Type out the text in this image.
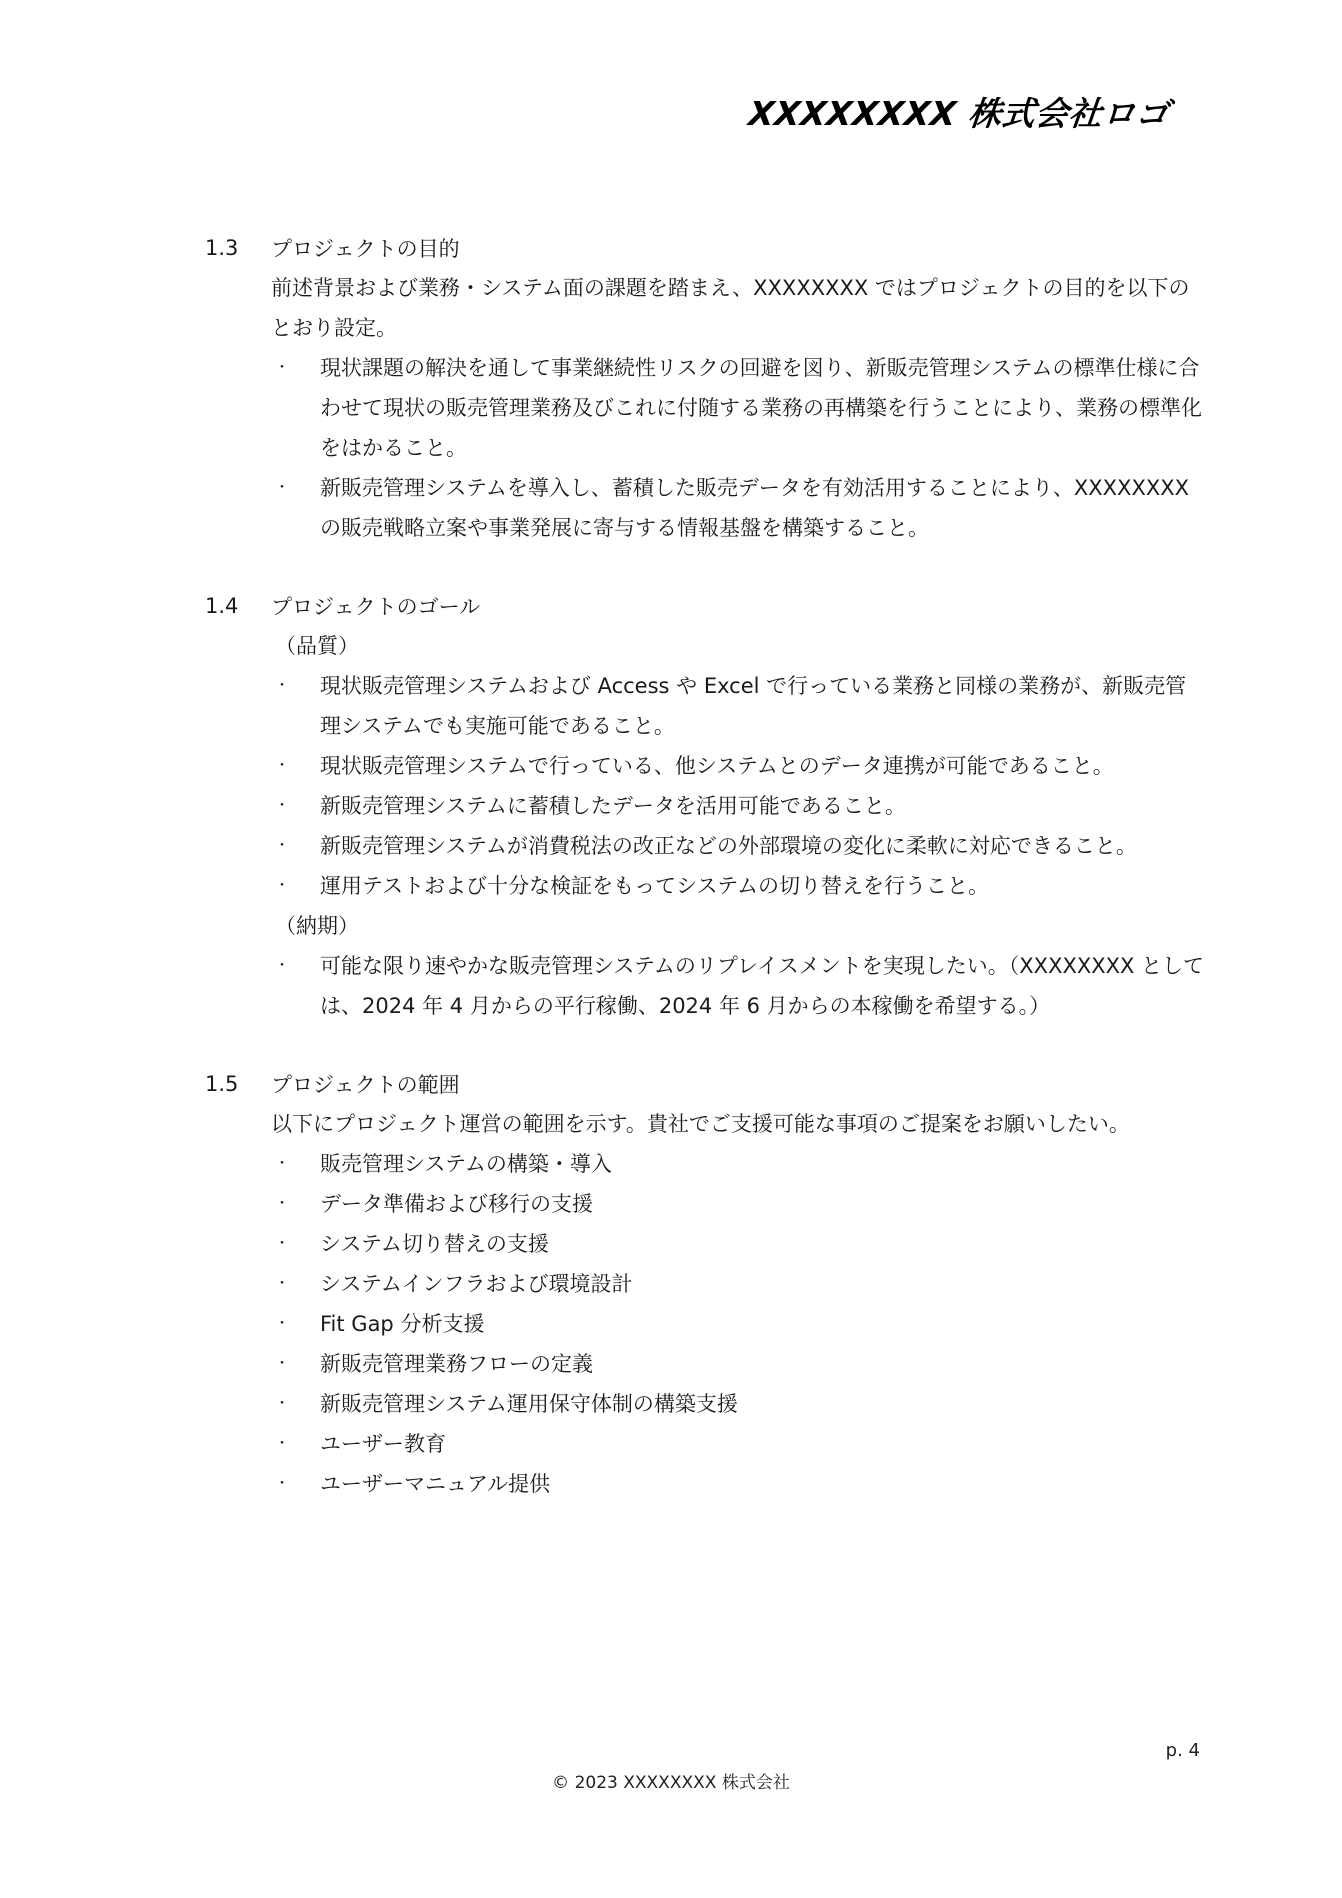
XXXXXXXX 株式会社ロゴ
1.3	プロジェクトの目的
前述背景および業務・システム面の課題を踏まえ、XXXXXXXX ではプロジェクトの目的を以下のとおり設定。
・	現状課題の解決を通して事業継続性リスクの回避を図り、新販売管理システムの標準仕様に合わせて現状の販売管理業務及びこれに付随する業務の再構築を行うことにより、業務の標準化をはかること。
・	新販売管理システムを導入し、蓄積した販売データを有効活用することにより、XXXXXXXX の販売戦略立案や事業発展に寄与する情報基盤を構築すること。
1.4	プロジェクトのゴール
（品質）
・	現状販売管理システムおよび Access や Excel で行っている業務と同様の業務が、新販売管理システムでも実施可能であること。
・	現状販売管理システムで行っている、他システムとのデータ連携が可能であること。
・	新販売管理システムに蓄積したデータを活用可能であること。
・	新販売管理システムが消費税法の改正などの外部環境の変化に柔軟に対応できること。
・	運用テストおよび十分な検証をもってシステムの切り替えを行うこと。
（納期）
・	可能な限り速やかな販売管理システムのリプレイスメントを実現したい。（XXXXXXXX としては、2024 年 4 月からの平行稼働、2024 年 6 月からの本稼働を希望する。）
1.5	プロジェクトの範囲
以下にプロジェクト運営の範囲を示す。貴社でご支援可能な事項のご提案をお願いしたい。
・	販売管理システムの構築・導入
・	データ準備および移行の支援
・	システム切り替えの支援
・	システムインフラおよび環境設計
・	Fit Gap 分析支援
・	新販売管理業務フローの定義
・	新販売管理システム運用保守体制の構築支援
・	ユーザー教育
・	ユーザーマニュアル提供
p. 4
© 2023 XXXXXXXX 株式会社
